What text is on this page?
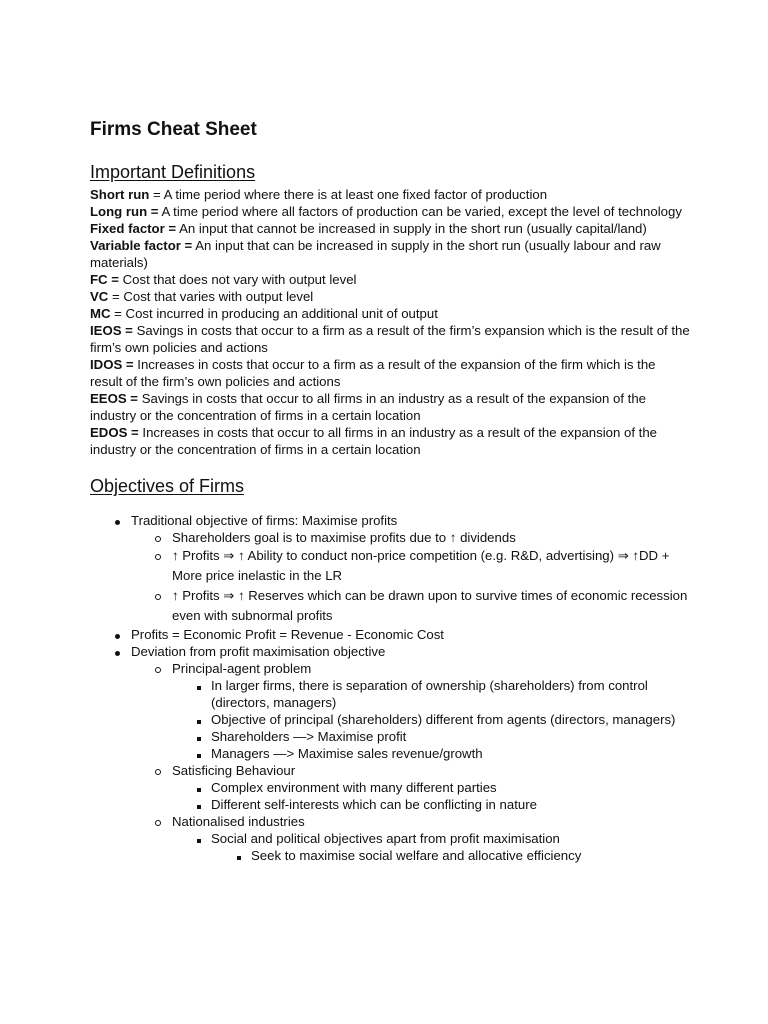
Firms Cheat Sheet
Important Definitions
Short run = A time period where there is at least one fixed factor of production
Long run = A time period where all factors of production can be varied, except the level of technology
Fixed factor = An input that cannot be increased in supply in the short run (usually capital/land)
Variable factor = An input that can be increased in supply in the short run (usually labour and raw materials)
FC = Cost that does not vary with output level
VC = Cost that varies with output level
MC = Cost incurred in producing an additional unit of output
IEOS = Savings in costs that occur to a firm as a result of the firm’s expansion which is the result of the firm’s own policies and actions
IDOS = Increases in costs that occur to a firm as a result of the expansion of the firm which is the result of the firm’s own policies and actions
EEOS = Savings in costs that occur to all firms in an industry as a result of the expansion of the industry or the concentration of firms in a certain location
EDOS = Increases in costs that occur to all firms in an industry as a result of the expansion of the industry or the concentration of firms in a certain location
Objectives of Firms
Traditional objective of firms: Maximise profits
Shareholders goal is to maximise profits due to ↑ dividends
↑ Profits ⇒ ↑ Ability to conduct non-price competition (e.g. R&D, advertising) ⇒ ↑DD + More price inelastic in the LR
↑ Profits ⇒ ↑ Reserves which can be drawn upon to survive times of economic recession even with subnormal profits
Profits = Economic Profit = Revenue - Economic Cost
Deviation from profit maximisation objective
Principal-agent problem
In larger firms, there is separation of ownership (shareholders) from control (directors, managers)
Objective of principal (shareholders) different from agents (directors, managers)
Shareholders —> Maximise profit
Managers —> Maximise sales revenue/growth
Satisficing Behaviour
Complex environment with many different parties
Different self-interests which can be conflicting in nature
Nationalised industries
Social and political objectives apart from profit maximisation
Seek to maximise social welfare and allocative efficiency
